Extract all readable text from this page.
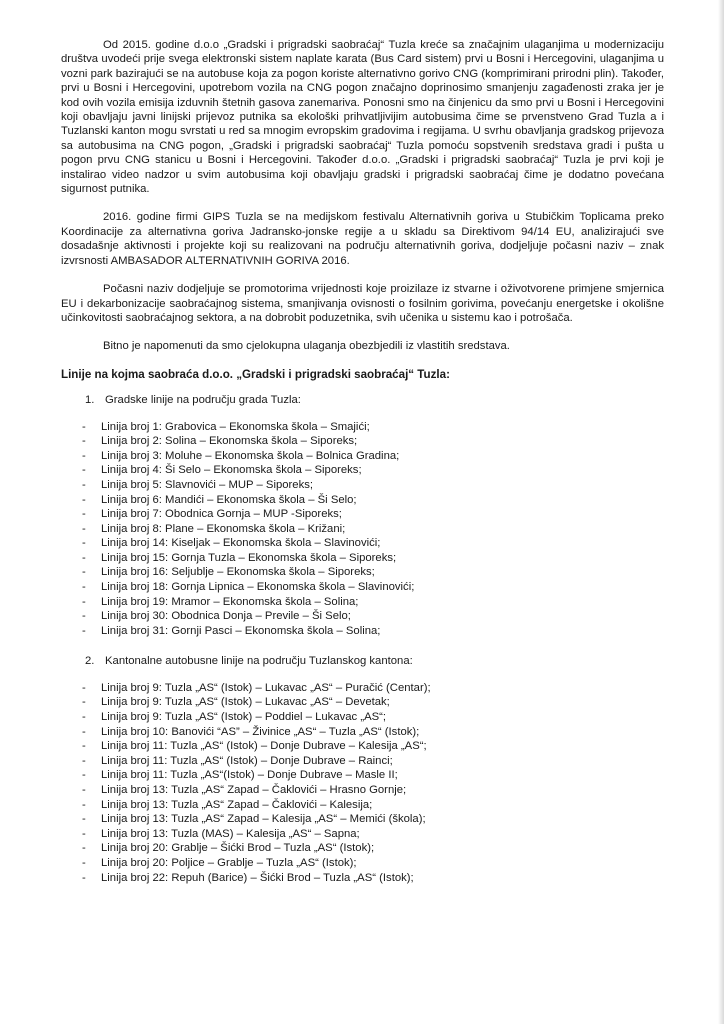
Od 2015. godine d.o.o „Gradski i prigradski saobraćaj“ Tuzla kreće sa značajnim ulaganjima u modernizaciju društva uvodeći prije svega elektronski sistem naplate karata (Bus Card sistem) prvi u Bosni i Hercegovini, ulaganjima u vozni park bazirajući se na autobuse koja za pogon koriste alternativno gorivo CNG (komprimirani prirodni plin). Također, prvi u Bosni i Hercegovini, upotrebom vozila na CNG pogon značajno doprinosimo smanjenju zagađenosti zraka jer je kod ovih vozila emisija izduvnih štetnih gasova zanemariva. Ponosni smo na činjenicu da smo prvi u Bosni i Hercegovini koji obavljaju javni linijski prijevoz putnika sa ekološki prihvatljivijim autobusima čime se prvenstveno Grad Tuzla a i Tuzlanski kanton mogu svrstati u red sa mnogim evropskim gradovima i regijama. U svrhu obavljanja gradskog prijevoza sa autobusima na CNG pogon, „Gradski i prigradski saobraćaj“ Tuzla pomoću sopstvenih sredstava gradi i pušta u pogon prvu CNG stanicu u Bosni i Hercegovini. Također d.o.o. „Gradski i prigradski saobraćaj“ Tuzla je prvi koji je instalirao video nadzor u svim autobusima koji obavljaju gradski i prigradski saobraćaj čime je dodatno povećana sigurnost putnika.

2016. godine firmi GIPS Tuzla se na medijskom festivalu Alternativnih goriva u Stubičkim Toplicama preko Koordinacije za alternativna goriva Jadransko-jonske regije a u skladu sa Direktivom 94/14 EU, analizirajući sve dosadašnje aktivnosti i projekte koji su realizovani na području alternativnih goriva, dodjeljuje počasni naziv – znak izvrsnosti AMBASADOR ALTERNATIVNIH GORIVA 2016.

Počasni naziv dodjeljuje se promotorima vrijednosti koje proizilaze iz stvarne i oživotvorene primjene smjernica EU i dekarbonizacije saobraćajnog sistema, smanjivanja ovisnosti o fosilnim gorivima, povećanju energetske i okolišne učinkovitosti saobraćajnog sektora, a na dobrobit poduzetnika, svih učenika u sistemu kao i potrošača.

Bitno je napomenuti da smo cjelokupna ulaganja obezbjedili iz vlastitih sredstava.

Linije na kojma saobraća d.o.o. „Gradski i prigradski saobraćaj“ Tuzla:
1. Gradske linije na području grada Tuzla:
-	Linija broj 1: Grabovica – Ekonomska škola – Smajići;
-	Linija broj 2: Solina – Ekonomska škola – Siporeks;
-	Linija broj 3: Moluhe – Ekonomska škola – Bolnica Gradina;
-	Linija broj 4: Ši Selo – Ekonomska škola – Siporeks;
-	Linija broj 5: Slavnovići – MUP – Siporeks;
-	Linija broj 6: Mandići – Ekonomska škola – Ši Selo;
-	Linija broj 7: Obodnica Gornja – MUP -Siporeks;
-	Linija broj 8: Plane – Ekonomska škola – Križani;
-	Linija broj 14: Kiseljak – Ekonomska škola – Slavinovići;
-	Linija broj 15: Gornja Tuzla – Ekonomska škola – Siporeks;
-	Linija broj 16: Seljublje – Ekonomska škola – Siporeks;
-	Linija broj 18: Gornja Lipnica – Ekonomska škola – Slavinovići;
-	Linija broj 19: Mramor – Ekonomska škola – Solina;
-	Linija broj 30: Obodnica Donja – Previle – Ši Selo;
-	Linija broj 31: Gornji Pasci – Ekonomska škola – Solina;
2. Kantonalne autobusne linije na području Tuzlanskog kantona:
-	Linija broj 9: Tuzla „AS“ (Istok) – Lukavac „AS“ – Puračić (Centar);
-	Linija broj 9: Tuzla „AS“ (Istok) – Lukavac „AS“ – Devetak;
-	Linija broj 9: Tuzla „AS“ (Istok) – Poddiel – Lukavac „AS“;
-	Linija broj 10: Banovići “AS” – Živinice „AS“ – Tuzla „AS“ (Istok);
-	Linija broj 11: Tuzla „AS“ (Istok) – Donje Dubrave – Kalesija „AS“;
-	Linija broj 11: Tuzla „AS“ (Istok) – Donje Dubrave – Rainci;
-	Linija broj 11: Tuzla „AS“(Istok) – Donje Dubrave – Masle II;
-	Linija broj 13: Tuzla „AS“ Zapad – Čaklovići – Hrasno Gornje;
-	Linija broj 13: Tuzla „AS“ Zapad – Čaklovići – Kalesija;
-	Linija broj 13: Tuzla „AS“ Zapad – Kalesija „AS“ – Memići (škola);
-	Linija broj 13: Tuzla (MAS) – Kalesija „AS“ – Sapna;
-	Linija broj 20: Grablje – Šićki Brod – Tuzla „AS“ (Istok);
-	Linija broj 20: Poljice – Grablje – Tuzla „AS“ (Istok);
-	Linija broj 22: Repuh (Barice) – Šićki Brod – Tuzla „AS“ (Istok);
